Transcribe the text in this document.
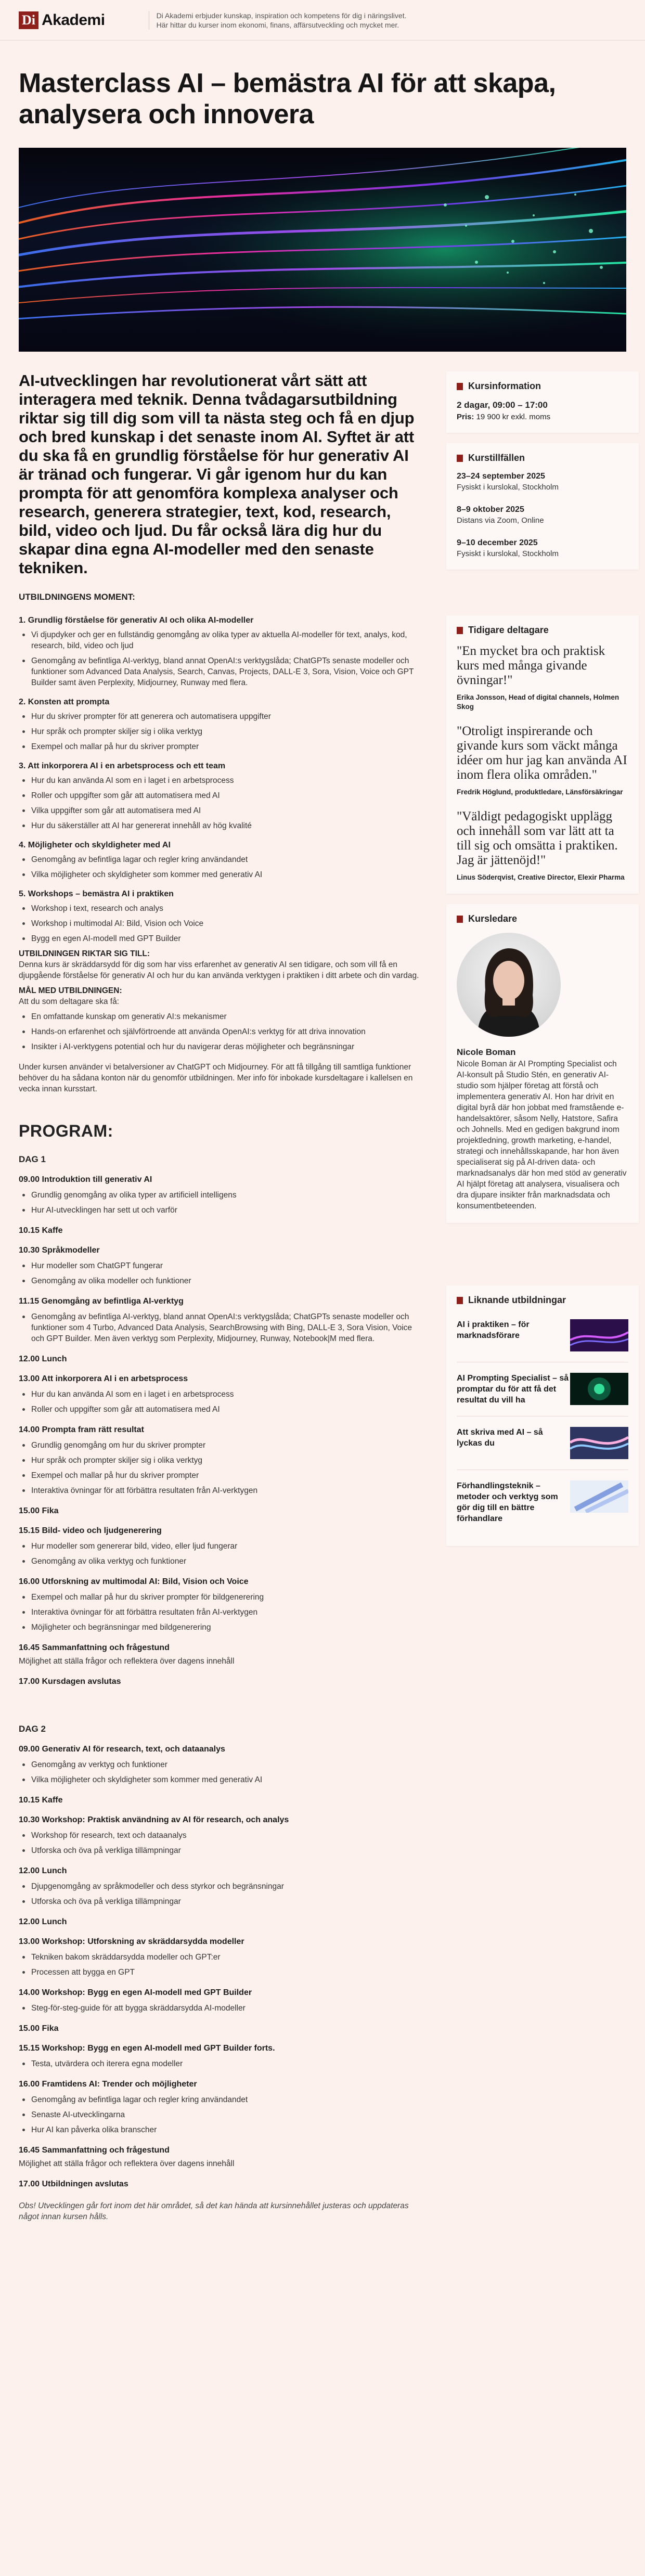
Di Akademi	Di Akademi erbjuder kunskap, inspiration och kompetens för dig i näringslivet.
Här hittar du kurser inom ekonomi, finans, affärsutveckling och mycket mer.
Masterclass AI – bemästra AI för att skapa, analysera och innovera

AI-utvecklingen har revolutionerat vårt sätt att interagera med teknik. Denna tvådagarsutbildning riktar sig till dig som vill ta nästa steg och få en djup och bred kunskap i det senaste inom AI. Syftet är att du ska få en grundlig förståelse för hur generativ AI är tränad och fungerar. Vi går igenom hur du kan prompta för att genomföra komplexa analyser och research, generera strategier, text, kod, research, bild, video och ljud. Du får också lära dig hur du skapar dina egna AI-modeller med den senaste tekniken.

UTBILDNINGENS MOMENT:
1. Grundlig förståelse för generativ AI och olika AI-modeller
Vi djupdyker och ger en fullständig genomgång av olika typer av aktuella AI-modeller för text, analys, kod, research, bild, video och ljud
Genomgång av befintliga AI-verktyg, bland annat OpenAI:s verktygslåda; ChatGPTs senaste modeller och funktioner som Advanced Data Analysis, Search, Canvas, Projects, DALL-E 3, Sora, Vision, Voice och GPT Builder samt även Perplexity, Midjourney, Runway med flera.
2. Konsten att prompta
Hur du skriver prompter för att generera och automatisera uppgifter
Hur språk och prompter skiljer sig i olika verktyg
Exempel och mallar på hur du skriver prompter
3. Att inkorporera AI i en arbetsprocess och ett team
Hur du kan använda AI som en i laget i en arbetsprocess
Roller och uppgifter som går att automatisera med AI
Vilka uppgifter som går att automatisera med AI
Hur du säkerställer att AI har genererat innehåll av hög kvalité
4. Möjligheter och skyldigheter med AI
Genomgång av befintliga lagar och regler kring användandet
Vilka möjligheter och skyldigheter som kommer med generativ AI
5. Workshops – bemästra AI i praktiken
Workshop i text, research och analys
Workshop i multimodal AI: Bild, Vision och Voice
Bygg en egen AI-modell med GPT Builder
UTBILDNINGEN RIKTAR SIG TILL:
Denna kurs är skräddarsydd för dig som har viss erfarenhet av generativ AI sen tidigare, och som vill få en djupgående förståelse för generativ AI och hur du kan använda verktygen i praktiken i ditt arbete och din vardag.
MÅL MED UTBILDNINGEN:
Att du som deltagare ska få:
En omfattande kunskap om generativ AI:s mekanismer
Hands-on erfarenhet och självförtroende att använda OpenAI:s verktyg för att driva innovation
Insikter i AI-verktygens potential och hur du navigerar deras möjligheter och begränsningar

Under kursen använder vi betalversioner av ChatGPT och Midjourney. För att få tillgång till samtliga funktioner behöver du ha sådana konton när du genomför utbildningen. Mer info för inbokade kursdeltagare i kallelsen en vecka innan kursstart.

PROGRAM:
DAG 1
09.00 Introduktion till generativ AI
Grundlig genomgång av olika typer av artificiell intelligens
Hur AI-utvecklingen har sett ut och varför
10.15 Kaffe
10.30 Språkmodeller
Hur modeller som ChatGPT fungerar
Genomgång av olika modeller och funktioner
11.15 Genomgång av befintliga AI-verktyg
Genomgång av befintliga AI-verktyg, bland annat OpenAI:s verktygslåda; ChatGPTs senaste modeller och funktioner som 4 Turbo, Advanced Data Analysis, SearchBrowsing with Bing, DALL-E 3, Sora Vision, Voice och GPT Builder. Men även verktyg som Perplexity, Midjourney, Runway, Notebook|M med flera.
12.00 Lunch
13.00 Att inkorporera AI i en arbetsprocess
Hur du kan använda AI som en i laget i en arbetsprocess
Roller och uppgifter som går att automatisera med AI
14.00 Prompta fram rätt resultat
Grundlig genomgång om hur du skriver prompter
Hur språk och prompter skiljer sig i olika verktyg
Exempel och mallar på hur du skriver prompter
Interaktiva övningar för att förbättra resultaten från AI-verktygen
15.00 Fika
15.15 Bild- video och ljudgenerering
Hur modeller som genererar bild, video, eller ljud fungerar
Genomgång av olika verktyg och funktioner
16.00 Utforskning av multimodal AI: Bild, Vision och Voice
Exempel och mallar på hur du skriver prompter för bildgenerering
Interaktiva övningar för att förbättra resultaten från AI-verktygen
Möjligheter och begränsningar med bildgenerering
16.45 Sammanfattning och frågestund

Möjlighet att ställa frågor och reflektera över dagens innehåll

17.00 Kursdagen avslutas
DAG 2
09.00 Generativ AI för research, text, och dataanalys
Genomgång av verktyg och funktioner
Vilka möjligheter och skyldigheter som kommer med generativ AI
10.15 Kaffe
10.30 Workshop: Praktisk användning av AI för research, och analys
Workshop för research, text och dataanalys
Utforska och öva på verkliga tillämpningar
12.00 Lunch
Djupgenomgång av språkmodeller och dess styrkor och begränsningar
Utforska och öva på verkliga tillämpningar
12.00 Lunch
13.00 Workshop: Utforskning av skräddarsydda modeller
Tekniken bakom skräddarsydda modeller och GPT:er
Processen att bygga en GPT
14.00 Workshop: Bygg en egen AI-modell med GPT Builder
Steg-för-steg-guide för att bygga skräddarsydda AI-modeller
15.00 Fika
15.15 Workshop: Bygg en egen AI-modell med GPT Builder forts.
Testa, utvärdera och iterera egna modeller
16.00 Framtidens AI: Trender och möjligheter
Genomgång av befintliga lagar och regler kring användandet
Senaste AI-utvecklingarna
Hur AI kan påverka olika branscher
16.45 Sammanfattning och frågestund

Möjlighet att ställa frågor och reflektera över dagens innehåll

17.00 Utbildningen avslutas

Obs! Utvecklingen går fort inom det här området, så det kan hända att kursinnehållet justeras och uppdateras något innan kursen hålls.

Kursinformation
2 dagar, 09:00 – 17:00
Pris: 19 900 kr exkl. moms
Kurstillfällen
23–24 september 2025
Fysiskt i kurslokal, Stockholm
8–9 oktober 2025
Distans via Zoom, Online
9–10 december 2025
Fysiskt i kurslokal, Stockholm
Tidigare deltagare
"En mycket bra och praktisk kurs med många givande övningar!"
Erika Jonsson, Head of digital channels, Holmen Skog
"Otroligt inspirerande och givande kurs som väckt många idéer om hur jag kan använda AI inom flera olika områden."
Fredrik Höglund, produktledare, Länsförsäkringar
"Väldigt pedagogiskt upplägg och innehåll som var lätt att ta till sig och omsätta i praktiken. Jag är jättenöjd!"
Linus Söderqvist, Creative Director, Elexir Pharma
Kursledare
Nicole Boman
Nicole Boman är AI Prompting Specialist och AI-konsult på Studio Stén, en generativ AI-studio som hjälper företag att förstå och implementera generativ AI. Hon har drivit en digital byrå där hon jobbat med framstående e-handelsaktörer, såsom Nelly, Hatstore, Safira och Johnells. Med en gedigen bakgrund inom projektledning, growth marketing, e-handel, strategi och innehållsskapande, har hon även specialiserat sig på AI-driven data- och marknadsanalys där hon med stöd av generativ AI hjälpt företag att analysera, visualisera och dra djupare insikter från marknadsdata och konsumentbeteenden.
Liknande utbildningar
AI i praktiken – för marknadsförare
AI Prompting Specialist – så promptar du för att få det resultat du vill ha
Att skriva med AI – så lyckas du
Förhandlingsteknik – metoder och verktyg som gör dig till en bättre förhandlare
